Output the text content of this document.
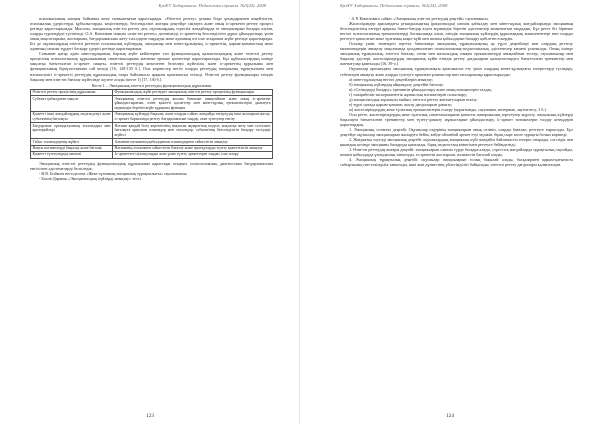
ҚазҰУ Хабаршысы. Педагогика сериясы. №3(24). 2008

психикасының әмоция бойынша жеке тыныштығын қарастырады. «Өзін-өзі реттеу» ұғымы бізде ұғымдарымен кеңейтілген, психикалық үдерістерді, құбылыстарды, кеңістіктерді, белсенділікті жоғары деңгейде сақтауға және оның іс-әрекетін реттеу процесі ретінде қарастырылады. Мысалы, эмоциялық өзін-өзі реттеу деп, оқушылардың стрестік жағдайларда өз эмоцияларын басқара алуын, оларды түрлендіруі түсініледі. О.А. Конопкин сияқты «өзін-өзі реттеу» дегенімізді, іс-әрекеттің белсенділігін дұрыс ұйымдастыру үшін оның мақсаттарына, жоспарына, бағдарламасына жету тәсілдерін таңдауды жеке адамның өзі іске асыратын жүйе ретінде қарастырады. Біз де оқушылардың өзін-өзі реттеуін психикалық күйлердің, эмоциялар мен мінез-құлықтың, іс-әрекеттің, қарым-қатынастың жеке адамның саналы түрдегі басқару үдерісі ретінде қарастырамыз.

Сонымен қатар адам мінез-құлқының барлық жүйе кейіптеріне тән функционалдық қалыптасқандық және өзін-өзі реттеу процесінің психологиялық құрылымының сипаттамаларына жататын ерекше қасиеттері қарастырылады. Бұл құбылыстардың ішінде мақсатқа бағытталған іс-әрекет сияқты, өзін-өзі реттеудің жекелеген белгілері жүйелілік және іс-әрекеттің құрылымы мен функциясының біртұтастығына сай келеді [16, 128-135 б.]. Осы көріністер негізі оларды реттеудің эмоциялық тұрақтылығы мен нәтижелілігі іс-әрекетті реттеудің құрылымдық өзара байланысы арқылы қамтамасыз етіледі. Өзін-өзі реттеу функциялары өзіндік бақылау мен өзін-өзі бағалау жүйесінде жүзеге асады (кесте 1) [17, 130 б.].

Кесте 1 – Эмоциялық өзін-өзі реттеудің функционалдық құрылымы
Өзін-өзі реттеу процесінің құрылымы	Функционалдық жүйе ретіндегі эмоциялық өзін-өзі реттеу процесінің функциялары
Субъект қабылдаған мақсат	Эмоциялық өзін-өзі реттеудің жалпы бағытын анықтайтын және оның іс-әрекетін ұйымдастыратын, өзіне қажетті қасиеттер мен мінез-құлық ерекшеліктерін дамытуға мүмкіндік беретін жүйе құраушы функция
Қажетті ішкі жағдайлардың модельденуі және субъектінің бағалауы	Эмоциялық күйлерді бақылау және оларды сәйкес жағдайда өзгертудің ішкі жоспарын жасау; іс-әрекет барысында реттеу бағдарламасын таңдау, оған түзетулер енгізу
Бағдарлама орындалуының эталондары мен критерийлері	Нәтиже қандай болу керектігінің нақтылы ақпараттық моделі; мақсатқа жету мен сәттілікті бағалауға арналған өлшемдер мен эталондар; субъектінің белсенділігін басқару тәсілдері жүйесі
Табыс өлшемдерінің жүйесі	Алынған нәтиженің қабылданған өлшемдермен сәйкестігін анықтау
Нақты нәтижелерді бақылау және бағалау	Нәтиженің эталонмен сәйкестігін бағалау және ауытқуларды түзету қажеттілігін анықтау
Қажетті түзетулердің шешімі	Іс-әрекеттегі ауытқуларды жою үшін түзету әрекеттерін таңдап, іске асыру

Эмоциялық өзін-өзі реттеудің функционалдық құрылымын қарастыра отырып, психологиялық диагностика бағдарламасына енгізілген әдістемелерді белгіледік:

- В.В. Бойкоға негізделген «Жеке тұлғаның эмоциялық тұрақтылығы» сауалнамасы;
- Басов-Дарвиш «Эмоционалдық күйлерді анықтау» тесті.
123
ҚазҰУ Хабаршысы. Педагогика сериясы. №3(24). 2008

- А.Ұ.Кемеловаға сәйкес «Эмоциялық өзін-өзі реттеудің деңгейі» сауалнамасы.

Жасөспірімдер арасындағы ұтымдылықтың (рационалды) шешім қабылдау мен мінез-құлық жағдайларында эмоцияның белсенділігінің өзгеруі арқылы бағыт-бағдар алуға мүмкіндік беретін әдістемелер жиынтығын таңдадық. Бұл ретте біз бірнеше негізгі психологиялық ерекшеліктерді басшылыққа алып, өзіндік эмоциялық күйлердің құрылымдық компоненттері мен оларды реттеуге қатысатын жеке тұлғаның көңіл-күйі мен шешім қабылдауын басқару қабілетін ескердік.

Осылар үшін, төмендегі зерттеу бағытында эмоциялық тұрақтылықтың әр түрлі деңгейлері мен олардың реттелу механизмдерін анықтау мақсатында қолданылатын психологиялық-педагогикалық әдістемелер кешені ұсынылды. Оның ішінде эмоциялық тұрақтылық, өзін-өзі бағалау, сенім мен мазасыздық сияқты ерекшеліктерді анықтайтын тестер, сауалнамалар мен бақылау әдістері, жасөспірімдердің эмоциялық күйін өзіндік реттеу дағдыларын қалыптастыруға бағытталған тренингтер мен жаттығулар қамтылды [16, 39-о.].

Оқушылар арасындағы эмоциялық тұрақтылықты қамтамасыз ету үшін олардың мінез-құлықтағы өзгерістерді түсіндіру, себептерін анықтау және оларды түзетуге арналған ұсыныстар мен тапсырмалар қарастырылды:

а) мінез-құлықтың негізгі деңгейлерін анықтау;

б) эмоциялық күйлердің айқындалу деңгейін бағалау;

в) «Сезімдерді басқару» тренингін ұйымдастыру және оның нәтижелерін талдау;

г) тәжірибелік-эксперименттік жұмыстың нәтижелерін салыстыру;

д) эмоционалдық зорлықты тыйып, өзін-өзі реттеу жаттығуларын өткізу;

е) түрлі ортада қарым-қатынас жасау дағдыларын дамыту;

ж) жасөспірімдердің жеке тұлғалық ерекшеліктерін ескеру (қорытынды, сауалнама, интервью, әңгімелесу, 3 б.).

Осы ретте, жасөспірімдердің жеке тұлғалық сипаттамаларына қатысты эмпирикалық зерттеулер жүргізу, эмоциялық күйлерді бақылауға бағытталған тренингтер мен түзету-дамыту жұмыстарын ұйымдастыру, іс-әрекет нәтижелерін талдау кезеңдерін қарастырдық.

1. Эмоциялық сезімтал деңгейі: Оқушылар өздерінің эмоцияларын анық сезініп, оларды бағалап, реттеуге тырысады. Бұл деңгейде оқушылар эмоцияларын жасыруға бейім, кейде ойланбай әрекет етуі мүмкін, бірақ сырт көзге тұрақты болып көрінеді;

2. Жағдаятқа тәуелді эмоциялық деңгейі: оқушылардың эмоциялық күйі жағдайға байланысты өзгеріп отырады, сәтсіздік пен қиындық кезінде эмоцияны басқаруда қиналады, бірақ педагогтың көмегімен реттеуге бейімделеді;

3. Өзін-өзі реттеудің жоғары деңгейі: эмоцияларын саналы түрде басқара алады, стресстік жағдайларда тұрақтылық сақтайды, шешім қабылдауда ұтымдылық танытады, өз әрекетін жоспарлап, нәтижесін бағалай алады;

4. Эмоциялық тұрақтылық деңгейі: оқушылар эмоцияларын толық бақылай алады, басқалармен қарым-қатынаста сабырлылық пен төзімділік танытады, ішкі жан дүниесінің үйлесімділігі байқалады, өзін-өзі реттеу дағдылары қалыптасқан.

124
